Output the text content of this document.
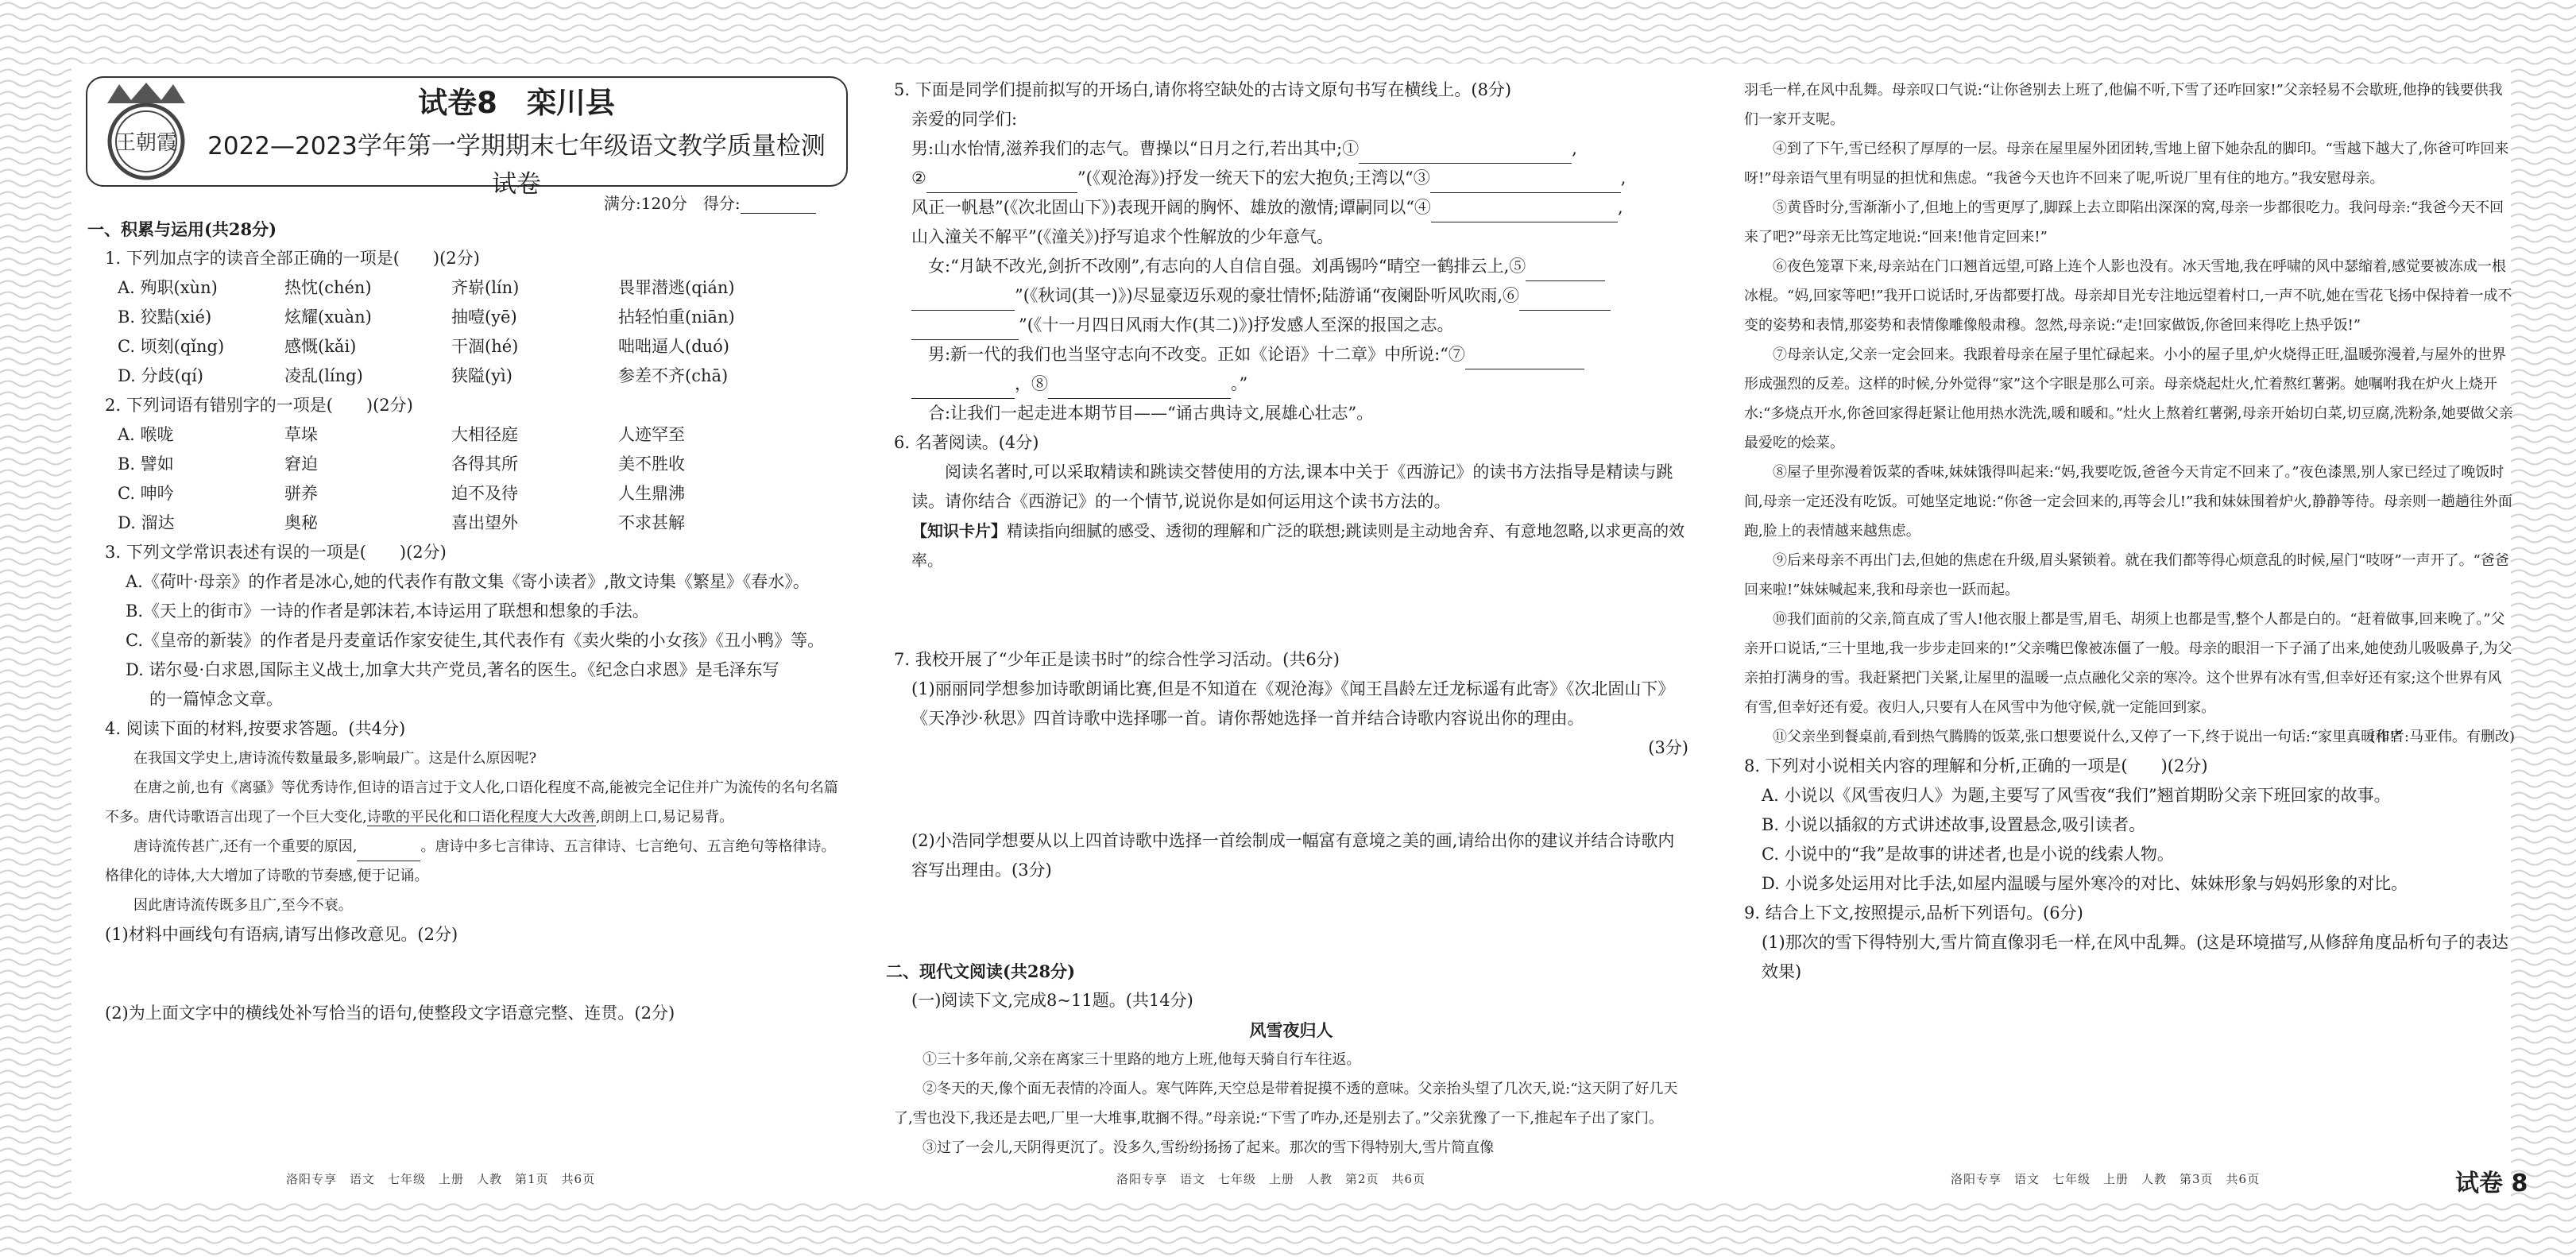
王朝霞
试卷8　栾川县
2022—2023学年第一学期期末七年级语文教学质量检测试卷
满分:120分　得分:

一、积累与运用(共28分)

1. 下列加点字的读音全部正确的一项是(　　)(2分)

A. 殉职(xùn)	热忱(chén)	齐崭(lín)	畏罪潜逃(qián)
B. 狡黠(xié)	炫耀(xuàn)	抽噎(yē)	拈轻怕重(niān)
C. 顷刻(qǐng)	感慨(kǎi)	干涸(hé)	咄咄逼人(duó)
D. 分歧(qí)	凌乱(líng)	狭隘(yì)	参差不齐(chā)

2. 下列词语有错别字的一项是(　　)(2分)

A. 喉咙	草垛	大相径庭	人迹罕至
B. 譬如	窘迫	各得其所	美不胜收
C. 呻吟	骈养	迫不及待	人生鼎沸
D. 溜达	奥秘	喜出望外	不求甚解

3. 下列文学常识表述有误的一项是(　　)(2分)

A.《荷叶·母亲》的作者是冰心,她的代表作有散文集《寄小读者》,散文诗集《繁星》《春水》。

B.《天上的街市》一诗的作者是郭沫若,本诗运用了联想和想象的手法。

C.《皇帝的新装》的作者是丹麦童话作家安徒生,其代表作有《卖火柴的小女孩》《丑小鸭》等。

D. 诺尔曼·白求恩,国际主义战士,加拿大共产党员,著名的医生。《纪念白求恩》是毛泽东写

的一篇悼念文章。

4. 阅读下面的材料,按要求答题。(共4分)

在我国文学史上,唐诗流传数量最多,影响最广。这是什么原因呢?

在唐之前,也有《离骚》等优秀诗作,但诗的语言过于文人化,口语化程度不高,能被完全记住并广为流传的名句名篇不多。唐代诗歌语言出现了一个巨大变化,诗歌的平民化和口语化程度大大改善,朗朗上口,易记易背。

唐诗流传甚广,还有一个重要的原因,	。唐诗中多七言律诗、五言律诗、七言绝句、五言绝句等格律诗。格律化的诗体,大大增加了诗歌的节奏感,便于记诵。

因此唐诗流传既多且广,至今不衰。

(1)材料中画线句有语病,请写出修改意见。(2分)

(2)为上面文字中的横线处补写恰当的语句,使整段文字语意完整、连贯。(2分)

5. 下面是同学们提前拟写的开场白,请你将空缺处的古诗文原句书写在横线上。(8分)

亲爱的同学们:

男:山水怡情,滋养我们的志气。曹操以“日月之行,若出其中;①	,

②	”(《观沧海》)抒发一统天下的宏大抱负;王湾以“③	,

风正一帆悬”(《次北固山下》)表现开阔的胸怀、雄放的激情;谭嗣同以“④	,

山入潼关不解平”(《潼关》)抒写追求个性解放的少年意气。

女:“月缺不改光,剑折不改刚”,有志向的人自信自强。刘禹锡吟“晴空一鹤排云上,⑤

”(《秋词(其一)》)尽显豪迈乐观的豪壮情怀;陆游诵“夜阑卧听风吹雨,⑥

”(《十一月四日风雨大作(其二)》)抒发感人至深的报国之志。

男:新一代的我们也当坚守志向不改变。正如《论语》十二章》中所说:“⑦

，⑧	。”

合:让我们一起走进本期节目——“诵古典诗文,展雄心壮志”。

6. 名著阅读。(4分)

阅读名著时,可以采取精读和跳读交替使用的方法,课本中关于《西游记》的读书方法指导是精读与跳读。请你结合《西游记》的一个情节,说说你是如何运用这个读书方法的。

【知识卡片】精读指向细腻的感受、透彻的理解和广泛的联想;跳读则是主动地舍弃、有意地忽略,以求更高的效率。

7. 我校开展了“少年正是读书时”的综合性学习活动。(共6分)

(1)丽丽同学想参加诗歌朗诵比赛,但是不知道在《观沧海》《闻王昌龄左迁龙标遥有此寄》《次北固山下》《天净沙·秋思》四首诗歌中选择哪一首。请你帮她选择一首并结合诗歌内容说出你的理由。

(3分)

(2)小浩同学想要从以上四首诗歌中选择一首绘制成一幅富有意境之美的画,请给出你的建议并结合诗歌内容写出理由。(3分)

二、现代文阅读(共28分)

(一)阅读下文,完成8~11题。(共14分)

风雪夜归人

①三十多年前,父亲在离家三十里路的地方上班,他每天骑自行车往返。

②冬天的天,像个面无表情的冷面人。寒气阵阵,天空总是带着捉摸不透的意味。父亲抬头望了几次天,说:“这天阴了好几天了,雪也没下,我还是去吧,厂里一大堆事,耽搁不得。”母亲说:“下雪了咋办,还是别去了。”父亲犹豫了一下,推起车子出了家门。

③过了一会儿,天阴得更沉了。没多久,雪纷纷扬扬了起来。那次的雪下得特别大,雪片简直像

羽毛一样,在风中乱舞。母亲叹口气说:“让你爸别去上班了,他偏不听,下雪了还咋回家!”父亲轻易不会歇班,他挣的钱要供我们一家开支呢。

④到了下午,雪已经积了厚厚的一层。母亲在屋里屋外团团转,雪地上留下她杂乱的脚印。“雪越下越大了,你爸可咋回来呀!”母亲语气里有明显的担忧和焦虑。“我爸今天也许不回来了呢,听说厂里有住的地方。”我安慰母亲。

⑤黄昏时分,雪渐渐小了,但地上的雪更厚了,脚踩上去立即陷出深深的窝,母亲一步都很吃力。我问母亲:“我爸今天不回来了吧?”母亲无比笃定地说:“回来!他肯定回来!”

⑥夜色笼罩下来,母亲站在门口翘首远望,可路上连个人影也没有。冰天雪地,我在呼啸的风中瑟缩着,感觉要被冻成一根冰棍。“妈,回家等吧!”我开口说话时,牙齿都要打战。母亲却目光专注地远望着村口,一声不吭,她在雪花飞扬中保持着一成不变的姿势和表情,那姿势和表情像雕像般肃穆。忽然,母亲说:“走!回家做饭,你爸回来得吃上热乎饭!”

⑦母亲认定,父亲一定会回来。我跟着母亲在屋子里忙碌起来。小小的屋子里,炉火烧得正旺,温暖弥漫着,与屋外的世界形成强烈的反差。这样的时候,分外觉得“家”这个字眼是那么可亲。母亲烧起灶火,忙着熬红薯粥。她嘱咐我在炉火上烧开水:“多烧点开水,你爸回家得赶紧让他用热水洗洗,暖和暖和。”灶火上熬着红薯粥,母亲开始切白菜,切豆腐,洗粉条,她要做父亲最爱吃的烩菜。

⑧屋子里弥漫着饭菜的香味,妹妹饿得叫起来:“妈,我要吃饭,爸爸今天肯定不回来了。”夜色漆黑,别人家已经过了晚饭时间,母亲一定还没有吃饭。可她坚定地说:“你爸一定会回来的,再等会儿!”我和妹妹围着炉火,静静等待。母亲则一趟趟往外面跑,脸上的表情越来越焦虑。

⑨后来母亲不再出门去,但她的焦虑在升级,眉头紧锁着。就在我们都等得心烦意乱的时候,屋门“吱呀”一声开了。“爸爸回来啦!”妹妹喊起来,我和母亲也一跃而起。

⑩我们面前的父亲,简直成了雪人!他衣服上都是雪,眉毛、胡须上也都是雪,整个人都是白的。“赶着做事,回来晚了。”父亲开口说话,“三十里地,我一步步走回来的!”父亲嘴巴像被冻僵了一般。母亲的眼泪一下子涌了出来,她使劲儿吸吸鼻子,为父亲拍打满身的雪。我赶紧把门关紧,让屋里的温暖一点点融化父亲的寒冷。这个世界有冰有雪,但幸好还有家;这个世界有风有雪,但幸好还有爱。夜归人,只要有人在风雪中为他守候,就一定能回到家。

⑪父亲坐到餐桌前,看到热气腾腾的饭菜,张口想要说什么,又停了一下,终于说出一句话:“家里真暖和!”

(作者:马亚伟。有删改)

8. 下列对小说相关内容的理解和分析,正确的一项是(　　)(2分)

A. 小说以《风雪夜归人》为题,主要写了风雪夜“我们”翘首期盼父亲下班回家的故事。

B. 小说以插叙的方式讲述故事,设置悬念,吸引读者。

C. 小说中的“我”是故事的讲述者,也是小说的线索人物。

D. 小说多处运用对比手法,如屋内温暖与屋外寒冷的对比、妹妹形象与妈妈形象的对比。

9. 结合上下文,按照提示,品析下列语句。(6分)

(1)那次的雪下得特别大,雪片简直像羽毛一样,在风中乱舞。(这是环境描写,从修辞角度品析句子的表达效果)

洛阳专享　语文　七年级　上册　人教　第1页　共6页	洛阳专享　语文　七年级　上册　人教　第2页　共6页	洛阳专享　语文　七年级　上册　人教　第3页　共6页	试卷 8
